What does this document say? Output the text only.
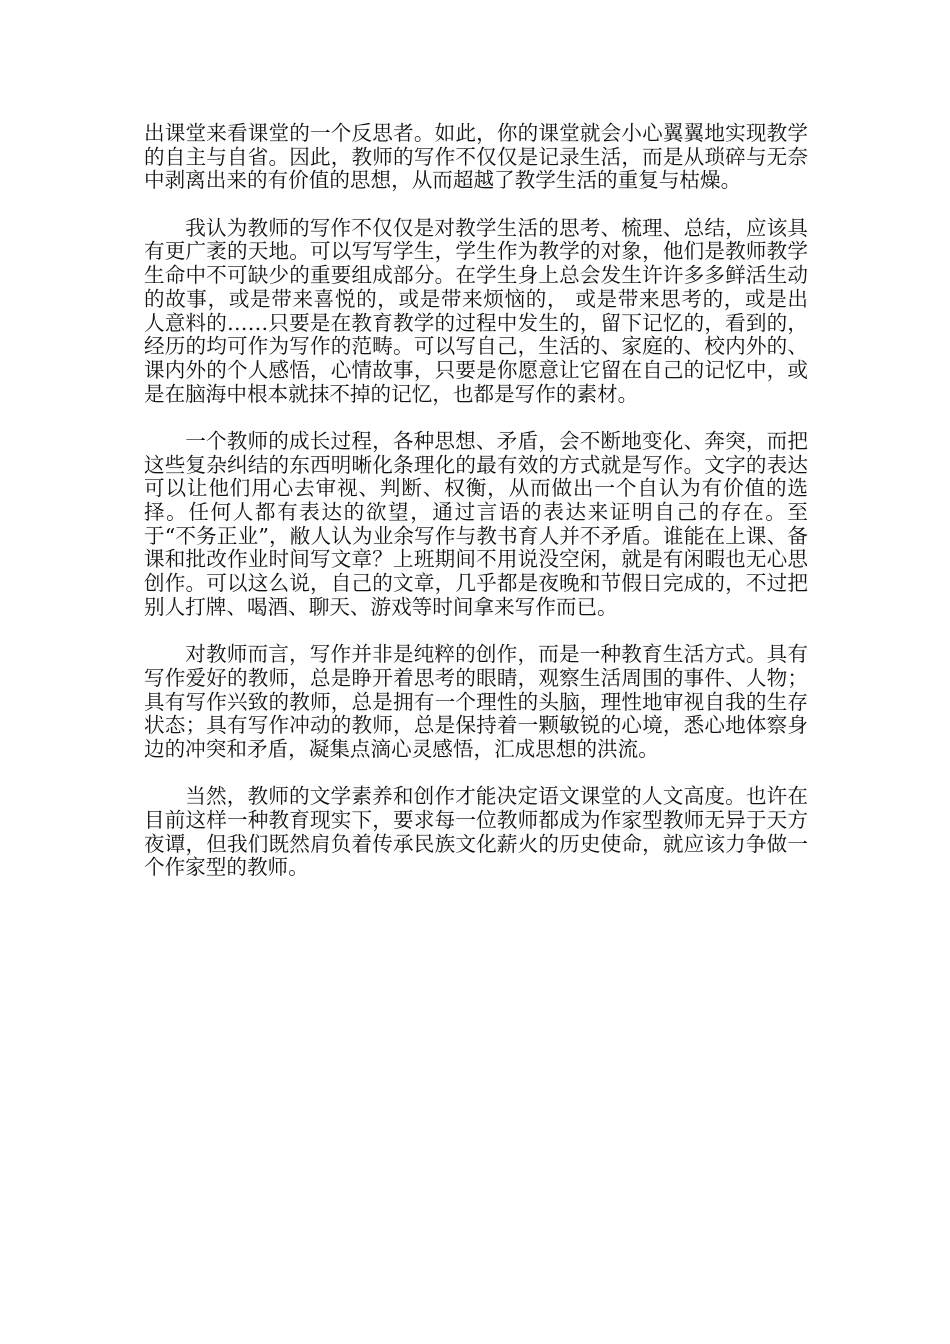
出课堂来看课堂的一个反思者。如此，你的课堂就会小心翼翼地实现教学的自主与自省。因此，教师的写作不仅仅是记录生活，而是从琐碎与无奈中剥离出来的有价值的思想，从而超越了教学生活的重复与枯燥。

我认为教师的写作不仅仅是对教学生活的思考、梳理、总结，应该具有更广袤的天地。可以写写学生，学生作为教学的对象，他们是教师教学生命中不可缺少的重要组成部分。在学生身上总会发生许许多多鲜活生动的故事，或是带来喜悦的，或是带来烦恼的， 或是带来思考的，或是出人意料的……只要是在教育教学的过程中发生的，留下记忆的，看到的，经历的均可作为写作的范畴。可以写自己，生活的、家庭的、校内外的、课内外的个人感悟，心情故事，只要是你愿意让它留在自己的记忆中，或是在脑海中根本就抹不掉的记忆，也都是写作的素材。

一个教师的成长过程，各种思想、矛盾，会不断地变化、奔突，而把这些复杂纠结的东西明晰化条理化的最有效的方式就是写作。文字的表达可以让他们用心去审视、判断、权衡，从而做出一个自认为有价值的选择。任何人都有表达的欲望，通过言语的表达来证明自己的存在。至于“不务正业”，敝人认为业余写作与教书育人并不矛盾。谁能在上课、备课和批改作业时间写文章？上班期间不用说没空闲，就是有闲暇也无心思创作。可以这么说，自己的文章，几乎都是夜晚和节假日完成的，不过把别人打牌、喝酒、聊天、游戏等时间拿来写作而已。

对教师而言，写作并非是纯粹的创作，而是一种教育生活方式。具有写作爱好的教师，总是睁开着思考的眼睛，观察生活周围的事件、人物；具有写作兴致的教师，总是拥有一个理性的头脑，理性地审视自我的生存状态；具有写作冲动的教师，总是保持着一颗敏锐的心境，悉心地体察身边的冲突和矛盾，凝集点滴心灵感悟，汇成思想的洪流。

当然，教师的文学素养和创作才能决定语文课堂的人文高度。也许在目前这样一种教育现实下，要求每一位教师都成为作家型教师无异于天方夜谭，但我们既然肩负着传承民族文化薪火的历史使命，就应该力争做一个作家型的教师。
